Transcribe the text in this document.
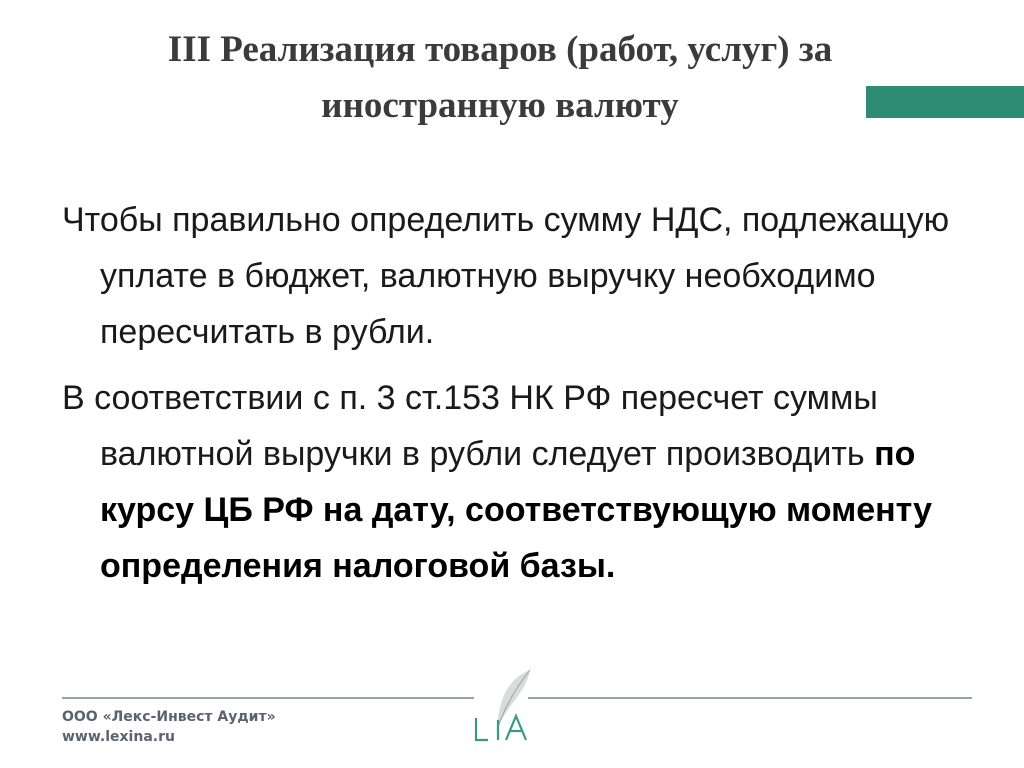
III Реализация товаров (работ, услуг) за иностранную валюту

Чтобы правильно определить сумму НДС, подлежащую уплате в бюджет, валютную выручку необходимо пересчитать в рубли.

В соответствии с п. 3 ст.153 НК РФ пересчет суммы валютной выручки в рубли следует производить по курсу ЦБ РФ на дату, соответствующую моменту определения налоговой базы.

ООО «Лекс-Инвест Аудит»
www.lexina.ru
